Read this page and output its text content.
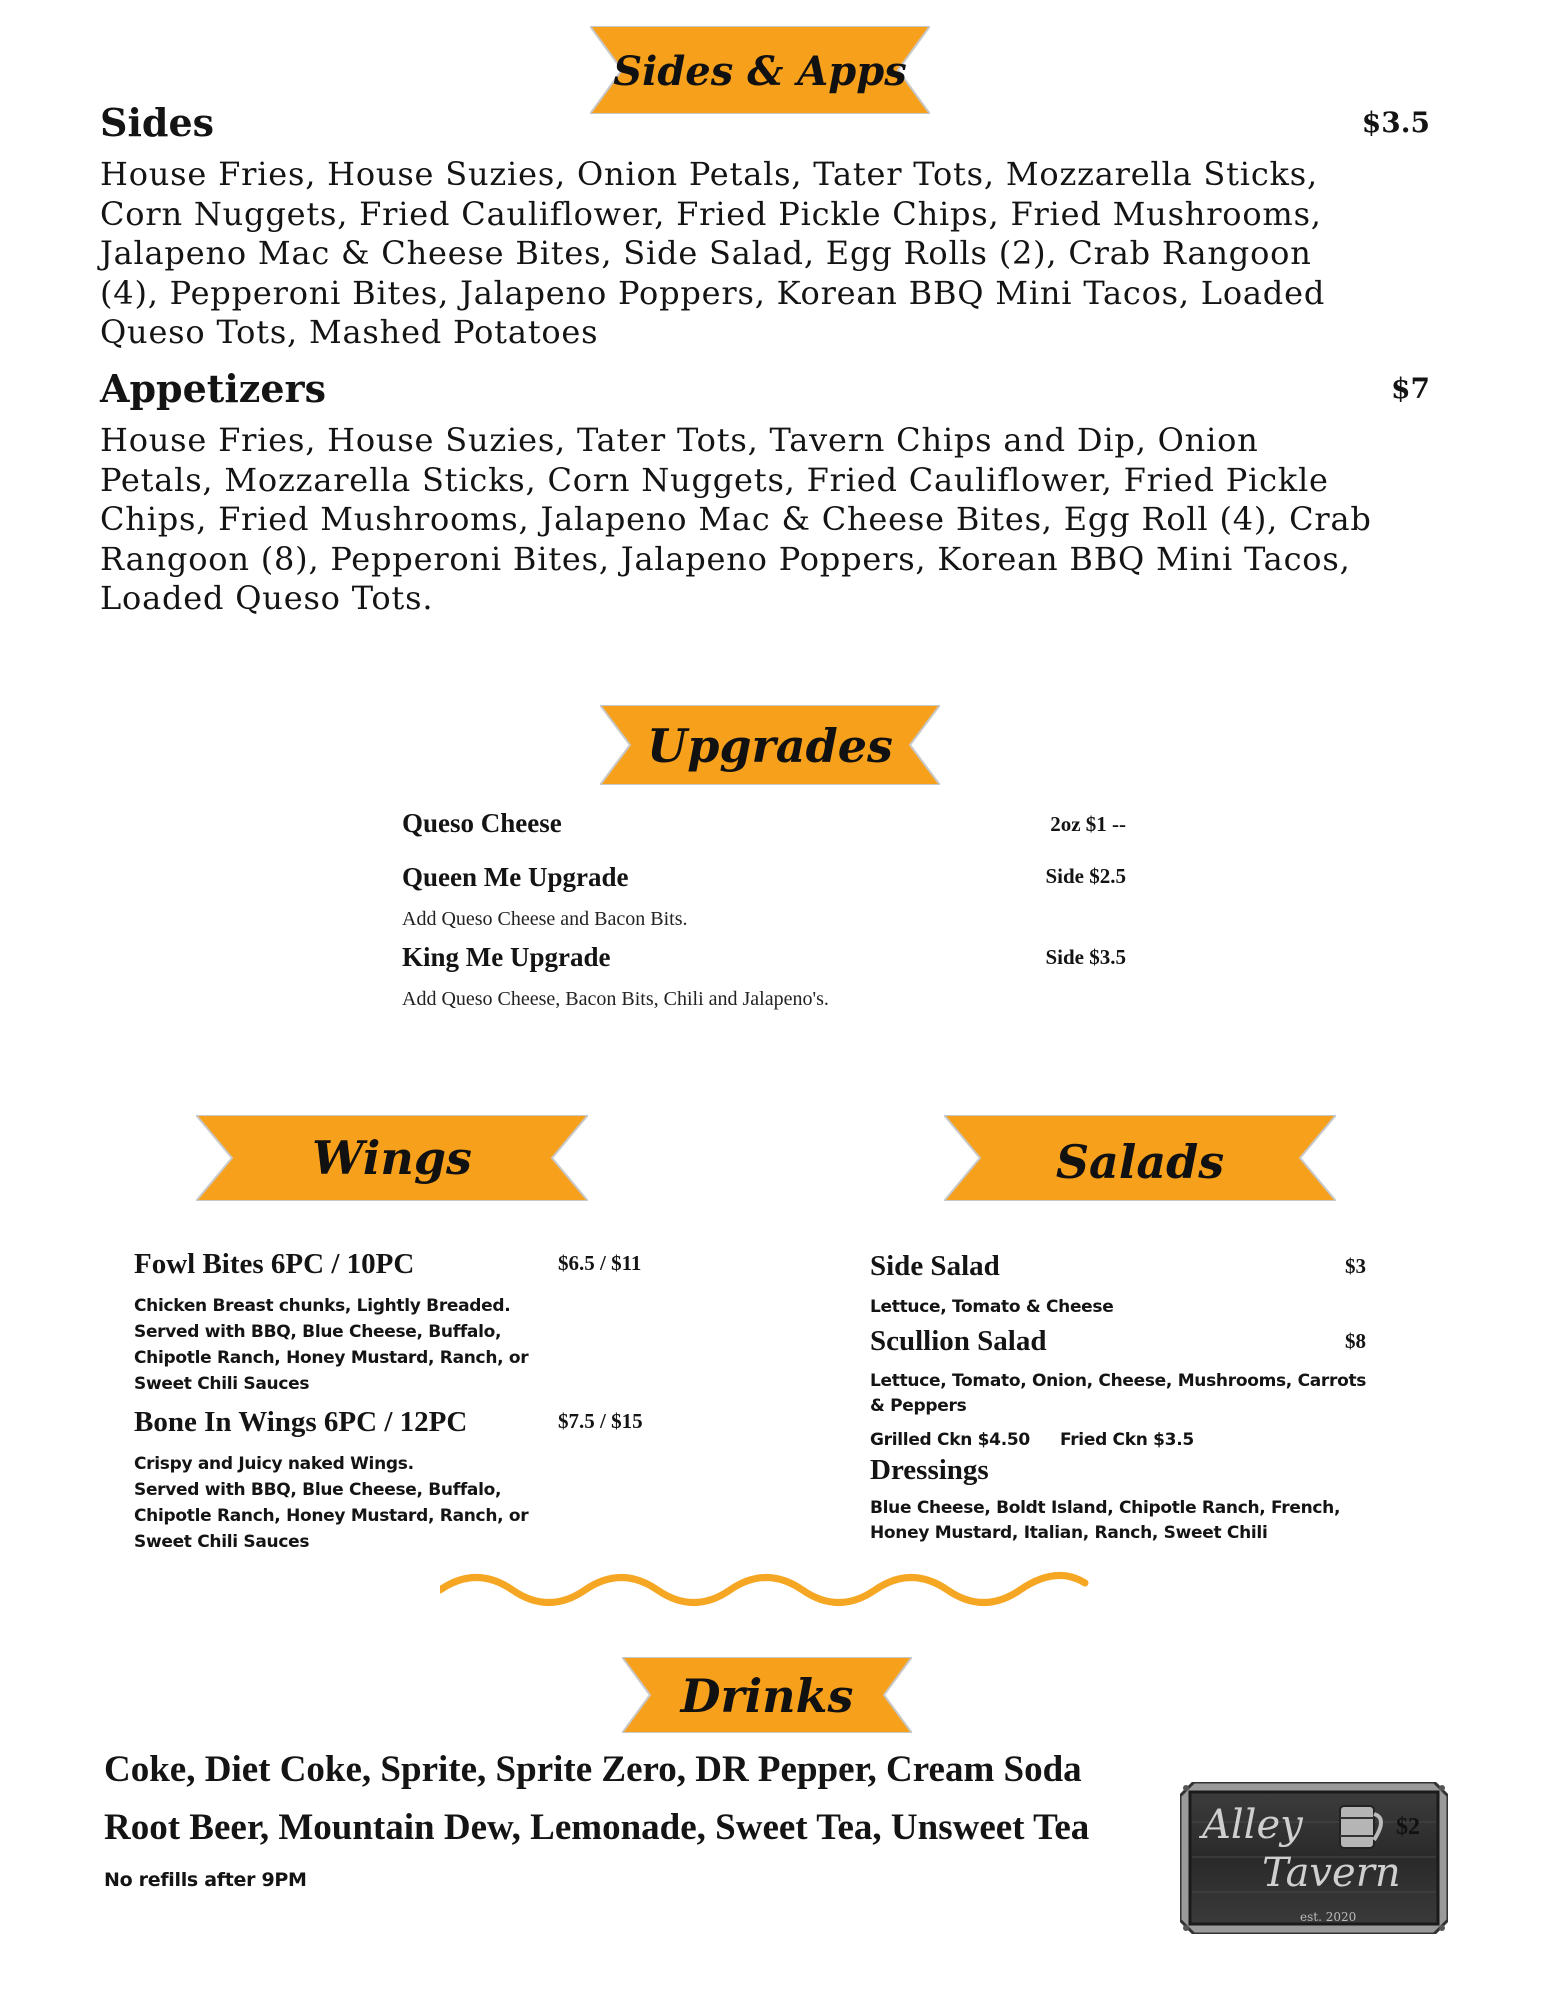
Sides & Apps
Sides	$3.5
House Fries, House Suzies, Onion Petals, Tater Tots, Mozzarella Sticks,
Corn Nuggets, Fried Cauliflower, Fried Pickle Chips, Fried Mushrooms,
Jalapeno Mac & Cheese Bites, Side Salad, Egg Rolls (2), Crab Rangoon
(4), Pepperoni Bites, Jalapeno Poppers, Korean BBQ Mini Tacos, Loaded
Queso Tots, Mashed Potatoes
Appetizers	$7
House Fries, House Suzies, Tater Tots, Tavern Chips and Dip, Onion
Petals, Mozzarella Sticks, Corn Nuggets, Fried Cauliflower, Fried Pickle
Chips, Fried Mushrooms, Jalapeno Mac & Cheese Bites, Egg Roll (4), Crab
Rangoon (8), Pepperoni Bites, Jalapeno Poppers, Korean BBQ Mini Tacos,
Loaded Queso Tots.
Upgrades
Queso Cheese	2oz $1 --
Queen Me Upgrade	Side $2.5
Add Queso Cheese and Bacon Bits.
King Me Upgrade	Side $3.5
Add Queso Cheese, Bacon Bits, Chili and Jalapeno's.
Wings	Salads
Fowl Bites 6PC / 10PC	$6.5 / $11
Chicken Breast chunks, Lightly Breaded.
Served with BBQ, Blue Cheese, Buffalo,
Chipotle Ranch, Honey Mustard, Ranch, or
Sweet Chili Sauces
Bone In Wings 6PC / 12PC	$7.5 / $15
Crispy and Juicy naked Wings.
Served with BBQ, Blue Cheese, Buffalo,
Chipotle Ranch, Honey Mustard, Ranch, or
Sweet Chili Sauces
Side Salad	$3
Lettuce, Tomato & Cheese
Scullion Salad	$8
Lettuce, Tomato, Onion, Cheese, Mushrooms, Carrots
& Peppers
Grilled Ckn $4.50 Fried Ckn $3.5
Dressings
Blue Cheese, Boldt Island, Chipotle Ranch, French,
Honey Mustard, Italian, Ranch, Sweet Chili
Drinks
Coke, Diet Coke, Sprite, Sprite Zero, DR Pepper, Cream Soda
Root Beer, Mountain Dew, Lemonade, Sweet Tea, Unsweet Tea
No refills after 9PM
Alley
Tavern
est. 2020
$2
